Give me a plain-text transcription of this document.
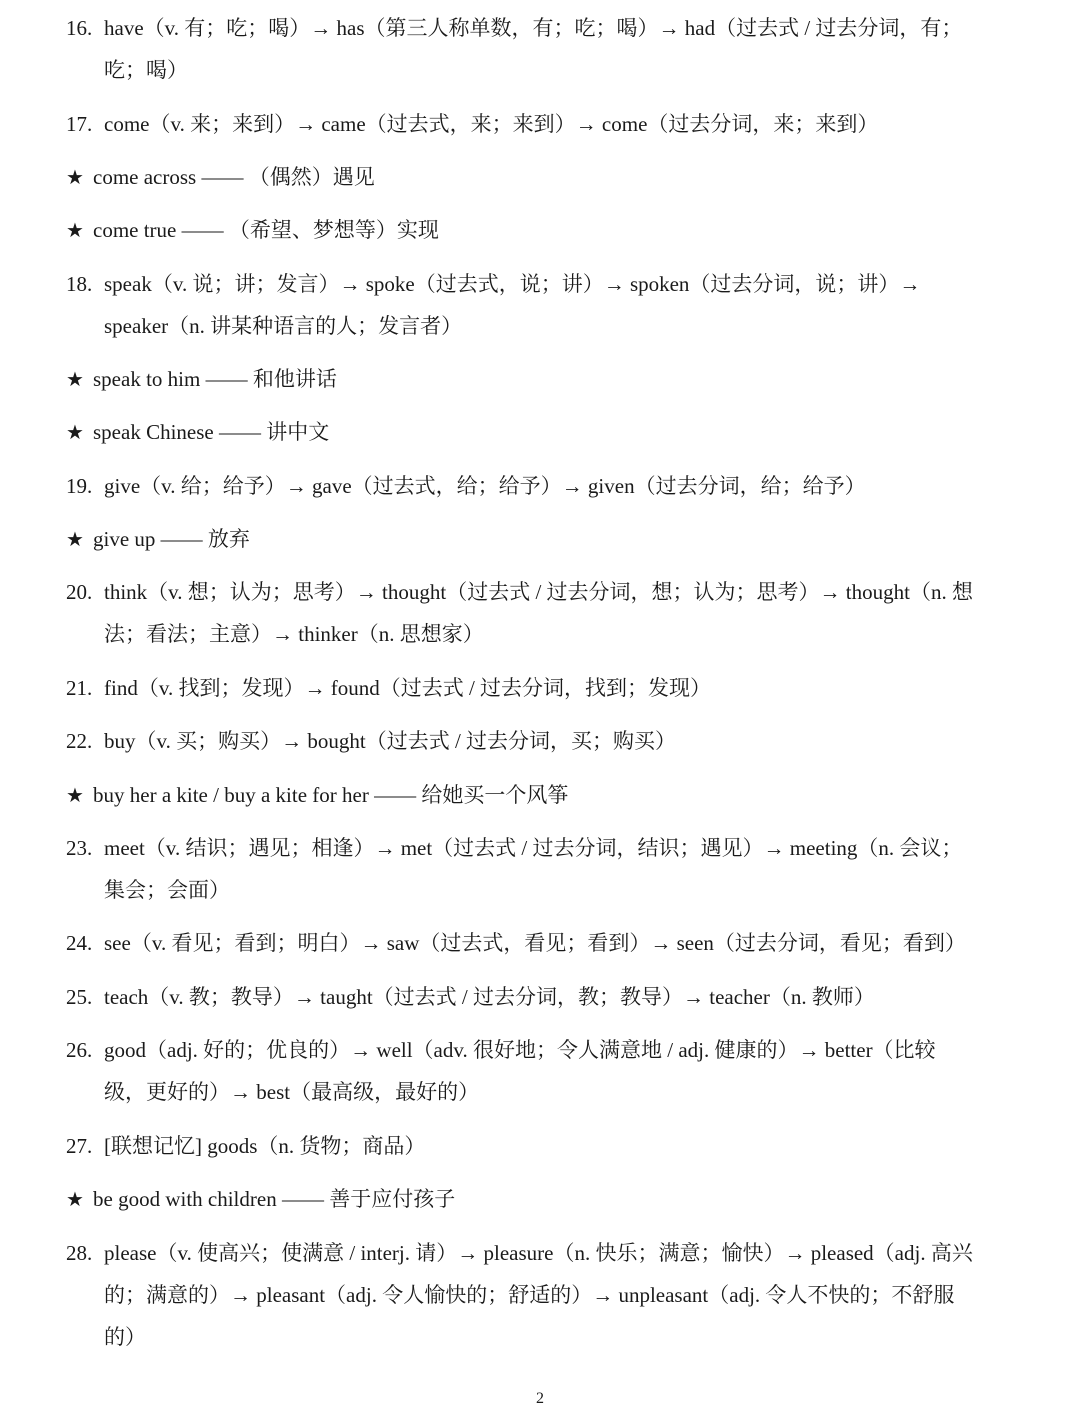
16. have（v. 有；吃；喝）→ has（第三人称单数，有；吃；喝）→ had（过去式 / 过去分词，有；
吃；喝）
17. come（v. 来；来到）→ came（过去式，来；来到）→ come（过去分词，来；来到）
★ come across —— （偶然）遇见
★ come true —— （希望、梦想等）实现
18. speak（v. 说；讲；发言）→ spoke（过去式，说；讲）→ spoken（过去分词，说；讲）→
speaker（n. 讲某种语言的人；发言者）
★ speak to him —— 和他讲话
★ speak Chinese —— 讲中文
19. give（v. 给；给予）→ gave（过去式，给；给予）→ given（过去分词，给；给予）
★ give up —— 放弃
20. think（v. 想；认为；思考）→ thought（过去式 / 过去分词，想；认为；思考）→ thought（n. 想
法；看法；主意）→ thinker（n. 思想家）
21. find（v. 找到；发现）→ found（过去式 / 过去分词，找到；发现）
22. buy（v. 买；购买）→ bought（过去式 / 过去分词，买；购买）
★ buy her a kite / buy a kite for her —— 给她买一个风筝
23. meet（v. 结识；遇见；相逢）→ met（过去式 / 过去分词，结识；遇见）→ meeting（n. 会议；
集会；会面）
24. see（v. 看见；看到；明白）→ saw（过去式，看见；看到）→ seen（过去分词，看见；看到）
25. teach（v. 教；教导）→ taught（过去式 / 过去分词，教；教导）→ teacher（n. 教师）
26. good（adj. 好的；优良的）→ well（adv. 很好地；令人满意地 / adj. 健康的）→ better（比较
级，更好的）→ best（最高级，最好的）
27. [联想记忆] goods（n. 货物；商品）
★ be good with children —— 善于应付孩子
28. please（v. 使高兴；使满意 / interj. 请）→ pleasure（n. 快乐；满意；愉快）→ pleased（adj. 高兴
的；满意的）→ pleasant（adj. 令人愉快的；舒适的）→ unpleasant（adj. 令人不快的；不舒服
的）
2
